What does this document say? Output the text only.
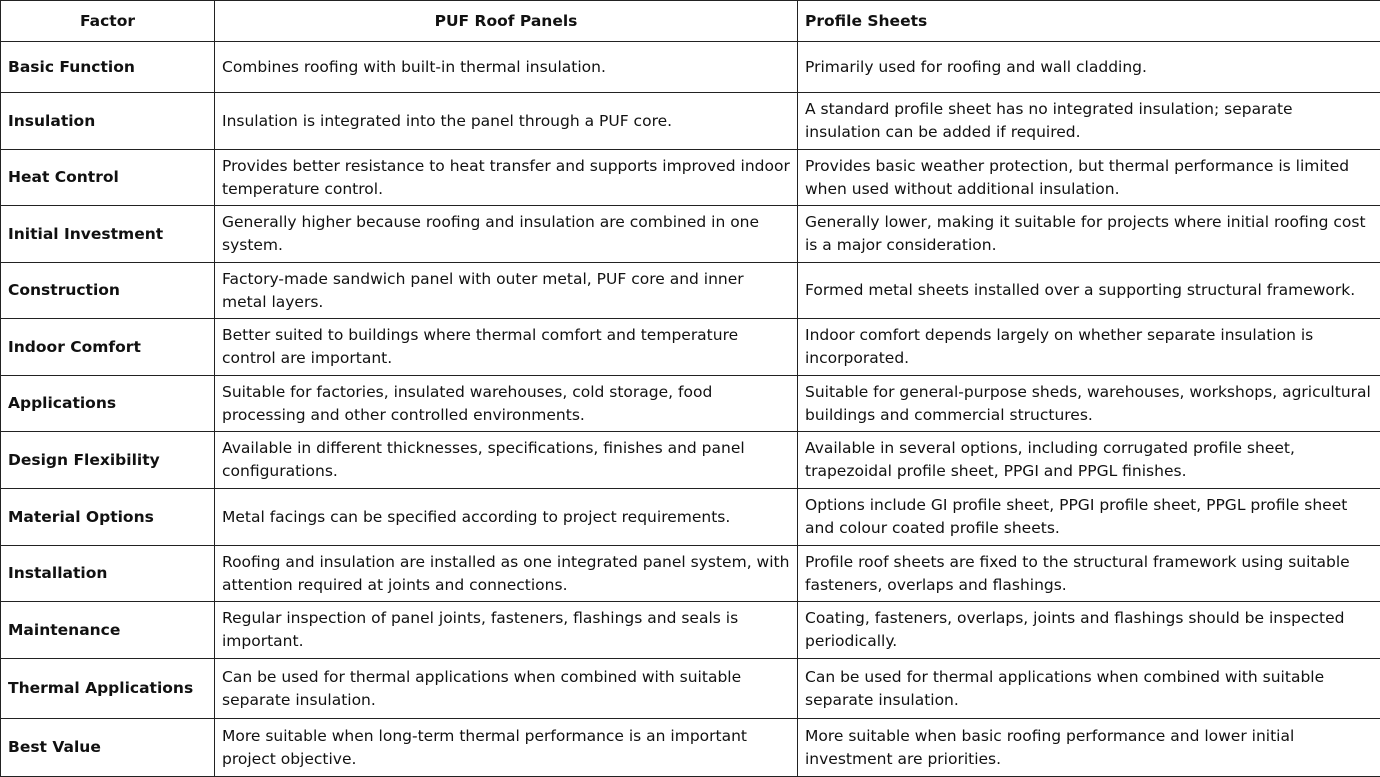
Factor	PUF Roof Panels	Profile Sheets
Basic Function	Combines roofing with built-in thermal insulation.	Primarily used for roofing and wall cladding.
Insulation	Insulation is integrated into the panel through a PUF core.	A standard profile sheet has no integrated insulation; separate insulation can be added if required.
Heat Control	Provides better resistance to heat transfer and supports improved indoor temperature control.	Provides basic weather protection, but thermal performance is limited when used without additional insulation.
Initial Investment	Generally higher because roofing and insulation are combined in one system.	Generally lower, making it suitable for projects where initial roofing cost is a major consideration.
Construction	Factory-made sandwich panel with outer metal, PUF core and inner metal layers.	Formed metal sheets installed over a supporting structural framework.
Indoor Comfort	Better suited to buildings where thermal comfort and temperature control are important.	Indoor comfort depends largely on whether separate insulation is incorporated.
Applications	Suitable for factories, insulated warehouses, cold storage, food processing and other controlled environments.	Suitable for general-purpose sheds, warehouses, workshops, agricultural buildings and commercial structures.
Design Flexibility	Available in different thicknesses, specifications, finishes and panel configurations.	Available in several options, including corrugated profile sheet, trapezoidal profile sheet, PPGI and PPGL finishes.
Material Options	Metal facings can be specified according to project requirements.	Options include GI profile sheet, PPGI profile sheet, PPGL profile sheet and colour coated profile sheets.
Installation	Roofing and insulation are installed as one integrated panel system, with attention required at joints and connections.	Profile roof sheets are fixed to the structural framework using suitable fasteners, overlaps and flashings.
Maintenance	Regular inspection of panel joints, fasteners, flashings and seals is important.	Coating, fasteners, overlaps, joints and flashings should be inspected periodically.
Thermal Applications	Can be used for thermal applications when combined with suitable separate insulation.	Can be used for thermal applications when combined with suitable separate insulation.
Best Value	More suitable when long-term thermal performance is an important project objective.	More suitable when basic roofing performance and lower initial investment are priorities.
